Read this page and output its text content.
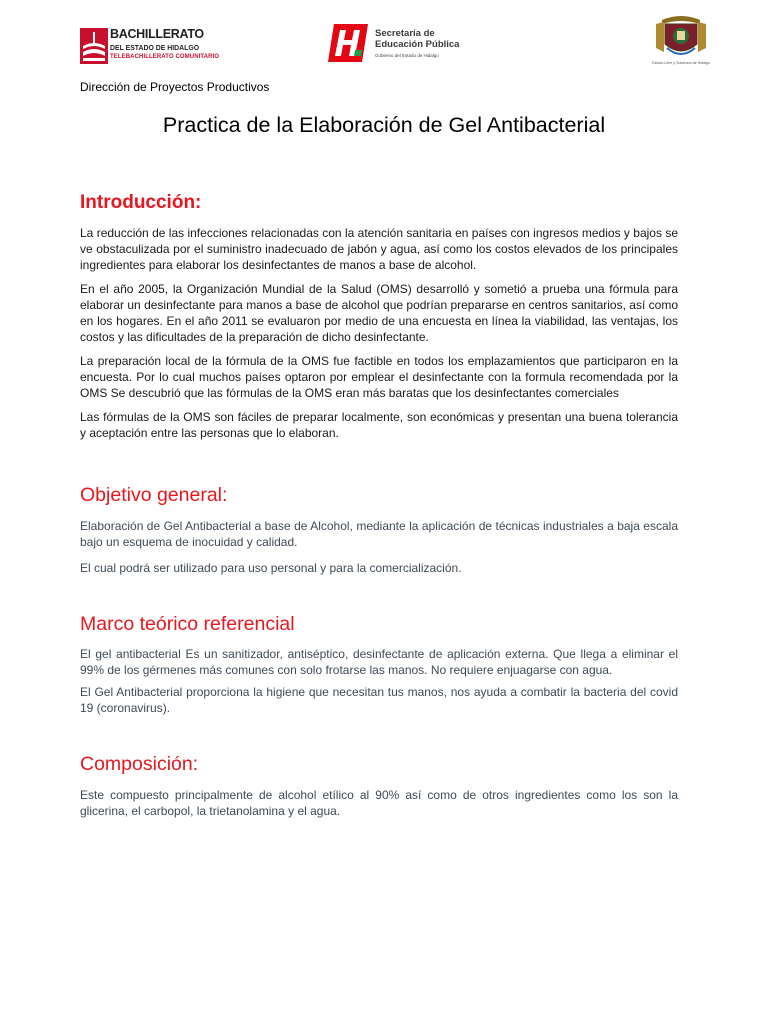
BACHILLERATO
DEL ESTADO DE HIDALGO
TELEBACHILLERATO COMUNITARIO
Secretaría de
Educación Pública
Gobierno del Estado de Hidalgo
Estado Libre y Soberano de Hidalgo
Dirección de Proyectos Productivos
Practica de la Elaboración de Gel Antibacterial
Introducción:

La reducción de las infecciones relacionadas con la atención sanitaria en países con ingresos medios y bajos se ve obstaculizada por el suministro inadecuado de jabón y agua, así como los costos elevados de los principales ingredientes para elaborar los desinfectantes de manos a base de alcohol.

En el año 2005, la Organización Mundial de la Salud (OMS) desarrolló y sometió a prueba una fórmula para elaborar un desinfectante para manos a base de alcohol que podrían prepararse en centros sanitarios, así como en los hogares. En el año 2011 se evaluaron por medio de una encuesta en línea la viabilidad, las ventajas, los costos y las dificultades de la preparación de dicho desinfectante.

La preparación local de la fórmula de la OMS fue factible en todos los emplazamientos que participaron en la encuesta. Por lo cual muchos países optaron por emplear el desinfectante con la formula recomendada por la OMS Se descubrió que las fórmulas de la OMS eran más baratas que los desinfectantes comerciales

Las fórmulas de la OMS son fáciles de preparar localmente, son económicas y presentan una buena tolerancia y aceptación entre las personas que lo elaboran.

Objetivo general:

Elaboración de Gel Antibacterial a base de Alcohol, mediante la aplicación de técnicas industriales a baja escala bajo un esquema de inocuidad y calidad.

El cual podrá ser utilizado para uso personal y para la comercialización.

Marco teórico referencial

El gel antibacterial Es un sanitizador, antiséptico, desinfectante de aplicación externa. Que llega a eliminar el 99% de los gérmenes más comunes con solo frotarse las manos. No requiere enjuagarse con agua.

El Gel Antibacterial proporciona la higiene que necesitan tus manos, nos ayuda a combatir la bacteria del covid 19 (coronavirus).

Composición:

Este compuesto principalmente de alcohol etílico al 90% así como de otros ingredientes como los son la glicerina, el carbopol, la trietanolamina y el agua.
